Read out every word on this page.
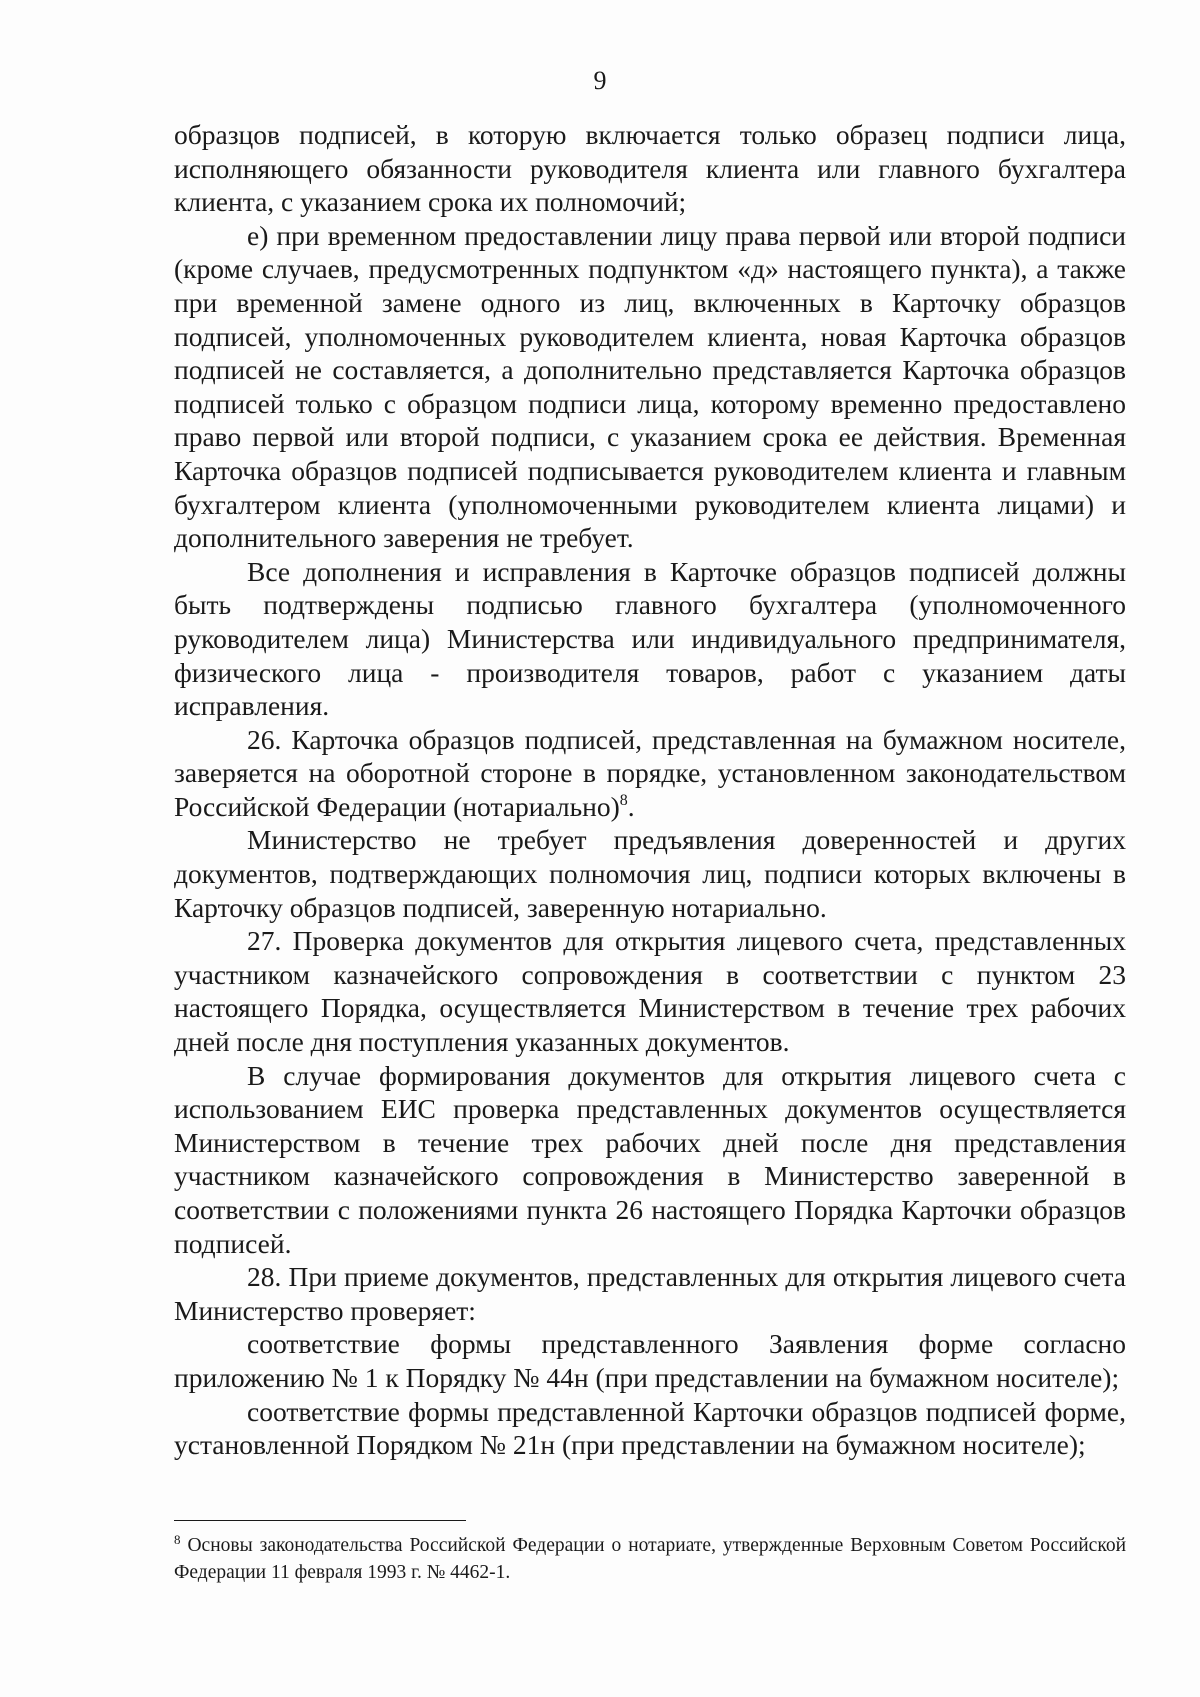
9

образцов подписей, в которую включается только образец подписи лица, исполняющего обязанности руководителя клиента или главного бухгалтера клиента, с указанием срока их полномочий;

е) при временном предоставлении лицу права первой или второй подписи (кроме случаев, предусмотренных подпунктом «д» настоящего пункта), а также при временной замене одного из лиц, включенных в Карточку образцов подписей, уполномоченных руководителем клиента, новая Карточка образцов подписей не составляется, а дополнительно представляется Карточка образцов подписей только с образцом подписи лица, которому временно предоставлено право первой или второй подписи, с указанием срока ее действия. Временная Карточка образцов подписей подписывается руководителем клиента и главным бухгалтером клиента (уполномоченными руководителем клиента лицами) и дополнительного заверения не требует.

Все дополнения и исправления в Карточке образцов подписей должны быть подтверждены подписью главного бухгалтера (уполномоченного руководителем лица) Министерства или индивидуального предпринимателя, физического лица - производителя товаров, работ с указанием даты исправления.

26. Карточка образцов подписей, представленная на бумажном носителе, заверяется на оборотной стороне в порядке, установленном законодательством Российской Федерации (нотариально)$^8$.

Министерство не требует предъявления доверенностей и других документов, подтверждающих полномочия лиц, подписи которых включены в Карточку образцов подписей, заверенную нотариально.

27. Проверка документов для открытия лицевого счета, представленных участником казначейского сопровождения в соответствии с пунктом 23 настоящего Порядка, осуществляется Министерством в течение трех рабочих дней после дня поступления указанных документов.

В случае формирования документов для открытия лицевого счета с использованием ЕИС проверка представленных документов осуществляется Министерством в течение трех рабочих дней после дня представления участником казначейского сопровождения в Министерство заверенной в соответствии с положениями пункта 26 настоящего Порядка Карточки образцов подписей.

28. При приеме документов, представленных для открытия лицевого счета Министерство проверяет:

соответствие формы представленного Заявления форме согласно приложению № 1 к Порядку № 44н (при представлении на бумажном носителе);

соответствие формы представленной Карточки образцов подписей форме, установленной Порядком № 21н (при представлении на бумажном носителе);

$^8$ Основы законодательства Российской Федерации о нотариате, утвержденные Верховным Советом Российской Федерации 11 февраля 1993 г. № 4462-1.
